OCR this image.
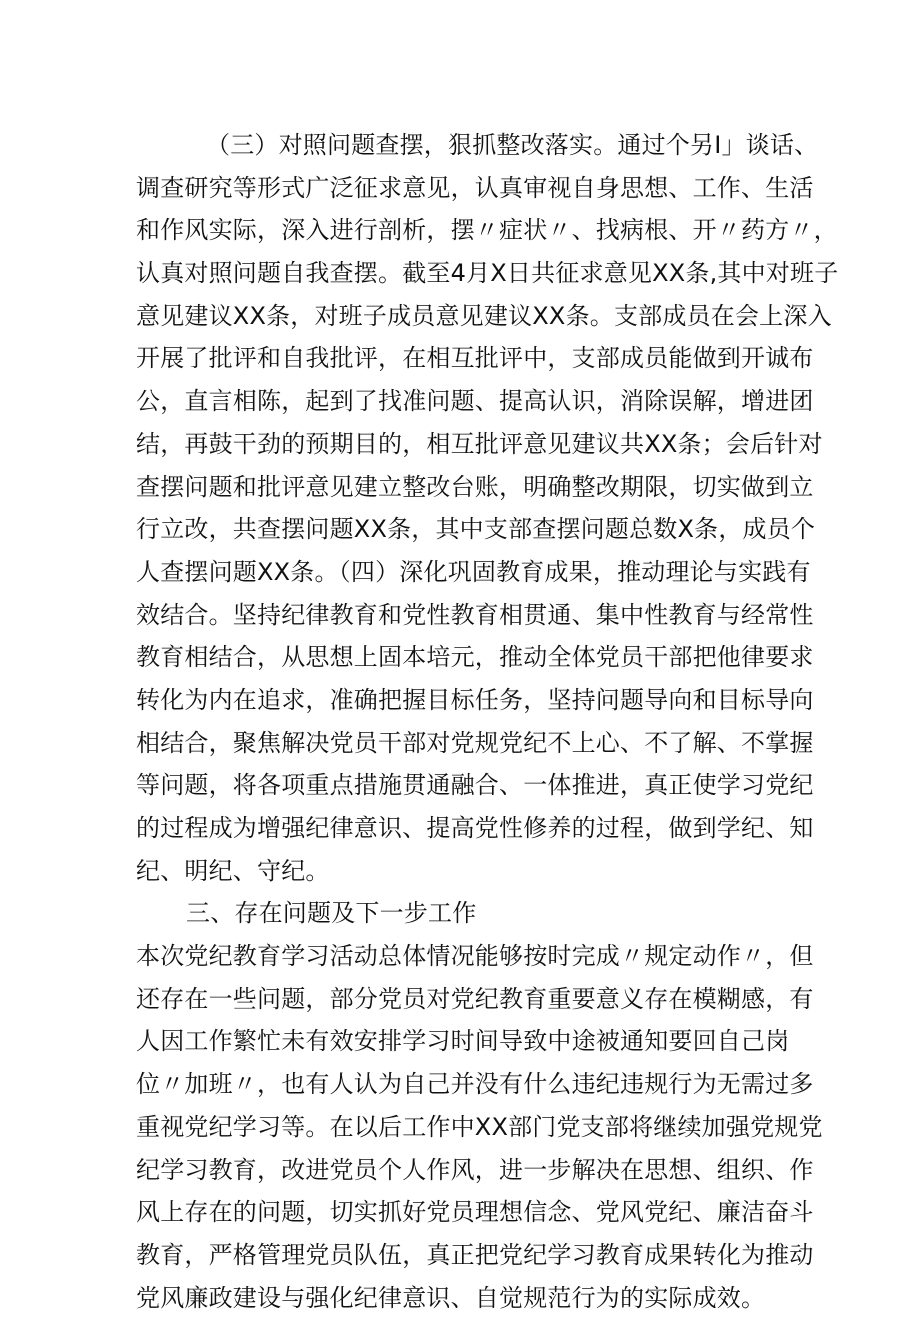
（三）对照问题查摆，狠抓整改落实。通过个另I」谈话、
调查研究等形式广泛征求意见，认真审视自身思想、工作、生活
和作风实际，深入进行剖析，摆〃症状〃、找病根、开〃药方〃，
认真对照问题自我查摆。截至4月X日共征求意见XX条,其中对班子
意见建议XX条，对班子成员意见建议XX条。支部成员在会上深入
开展了批评和自我批评，在相互批评中，支部成员能做到开诚布
公，直言相陈，起到了找准问题、提高认识，消除误解，增进团
结，再鼓干劲的预期目的，相互批评意见建议共XX条；会后针对
查摆问题和批评意见建立整改台账，明确整改期限，切实做到立
行立改，共查摆问题XX条，其中支部查摆问题总数X条，成员个
人查摆问题XX条。（四）深化巩固教育成果，推动理论与实践有
效结合。坚持纪律教育和党性教育相贯通、集中性教育与经常性
教育相结合，从思想上固本培元，推动全体党员干部把他律要求
转化为内在追求，准确把握目标任务，坚持问题导向和目标导向
相结合，聚焦解决党员干部对党规党纪不上心、不了解、不掌握
等问题，将各项重点措施贯通融合、一体推进，真正使学习党纪
的过程成为增强纪律意识、提高党性修养的过程，做到学纪、知
纪、明纪、守纪。
三、存在问题及下一步工作
本次党纪教育学习活动总体情况能够按时完成〃规定动作〃，但
还存在一些问题，部分党员对党纪教育重要意义存在模糊感，有
人因工作繁忙未有效安排学习时间导致中途被通知要回自己岗
位〃加班〃，也有人认为自己并没有什么违纪违规行为无需过多
重视党纪学习等。在以后工作中XX部门党支部将继续加强党规党
纪学习教育，改进党员个人作风，进一步解决在思想、组织、作
风上存在的问题，切实抓好党员理想信念、党风党纪、廉洁奋斗
教育，严格管理党员队伍，真正把党纪学习教育成果转化为推动
党风廉政建设与强化纪律意识、自觉规范行为的实际成效。
